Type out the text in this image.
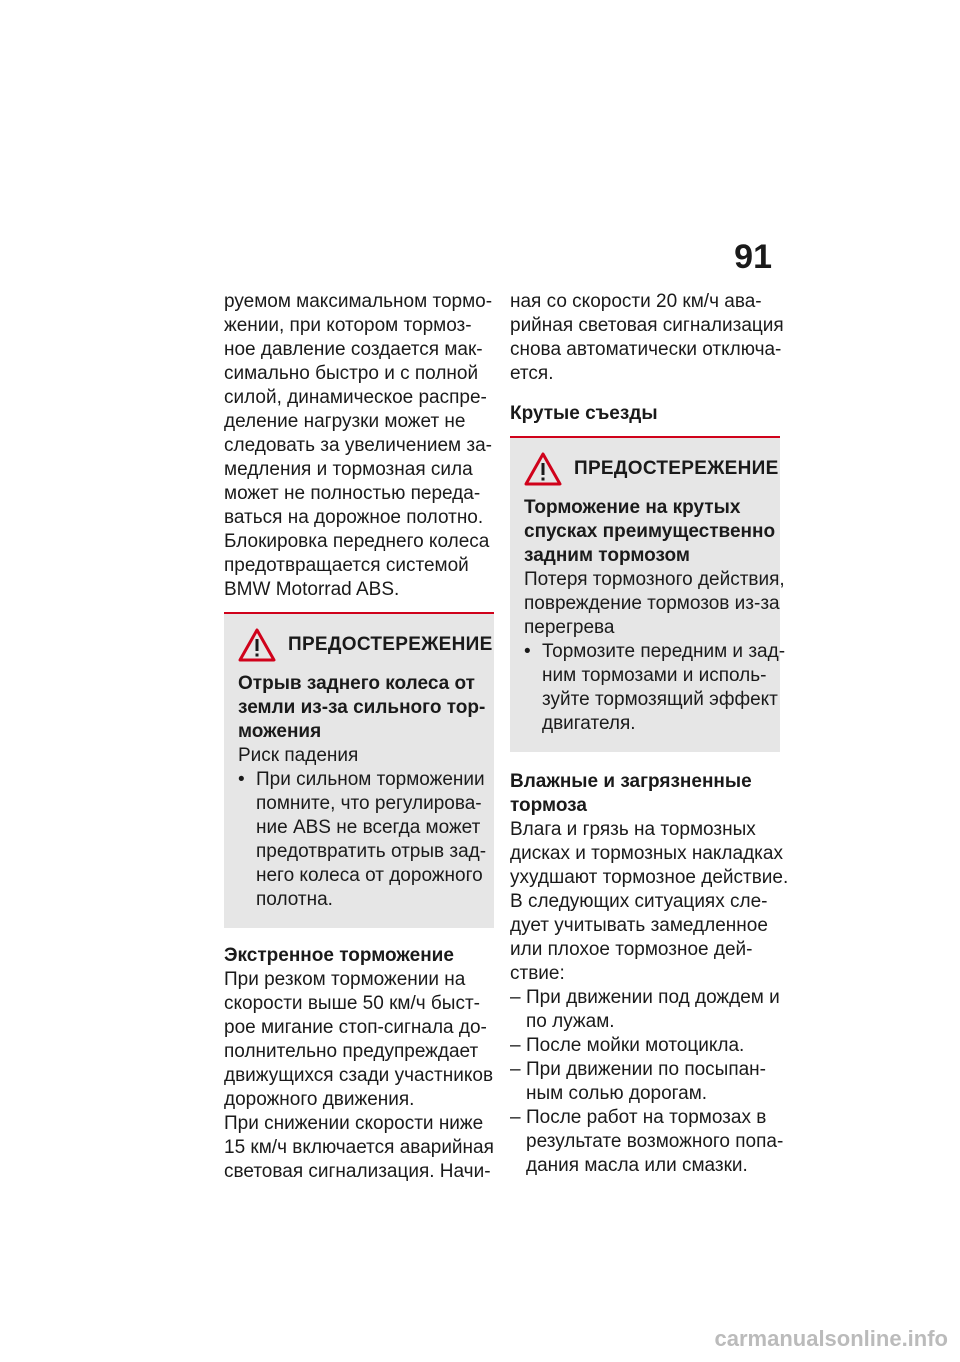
91
руемом максимальном тормо-
жении, при котором тормоз-
ное давление создается мак-
симально быстро и с полной
силой, динамическое распре-
деление нагрузки может не
следовать за увеличением за-
медления и тормозная сила
может не полностью переда-
ваться на дорожное полотно.
Блокировка переднего колеса
предотвращается системой
BMW Motorrad ABS.
ПРЕДОСТЕРЕЖЕНИЕ
Отрыв заднего колеса от
земли из-за сильного тор-
можения
Риск падения
• При сильном торможении
помните, что регулирова-
ние ABS не всегда может
предотвратить отрыв зад-
него колеса от дорожного
полотна.

Экстренное торможение

При резком торможении на
скорости выше 50 км/ч быст-
рое мигание стоп-сигнала до-
полнительно предупреждает
движущихся сзади участников
дорожного движения.
При снижении скорости ниже
15 км/ч включается аварийная
световая сигнализация. Начи-
ная со скорости 20 км/ч ава-
рийная световая сигнализация
снова автоматически отключа-
ется.

Крутые съезды

ПРЕДОСТЕРЕЖЕНИЕ
Торможение на крутых
спусках преимущественно
задним тормозом
Потеря тормозного действия,
повреждение тормозов из-за
перегрева
• Тормозите передним и зад-
ним тормозами и исполь-
зуйте тормозящий эффект
двигателя.
Влажные и загрязненные
тормоза
Влага и грязь на тормозных
дисках и тормозных накладках
ухудшают тормозное действие.
В следующих ситуациях сле-
дует учитывать замедленное
или плохое тормозное дей-
ствие:
– При движении под дождем и
по лужам.
– После мойки мотоцикла.
– При движении по посыпан-
ным солью дорогам.
– После работ на тормозах в
результате возможного попа-
дания масла или смазки.
carmanualsonline.info
